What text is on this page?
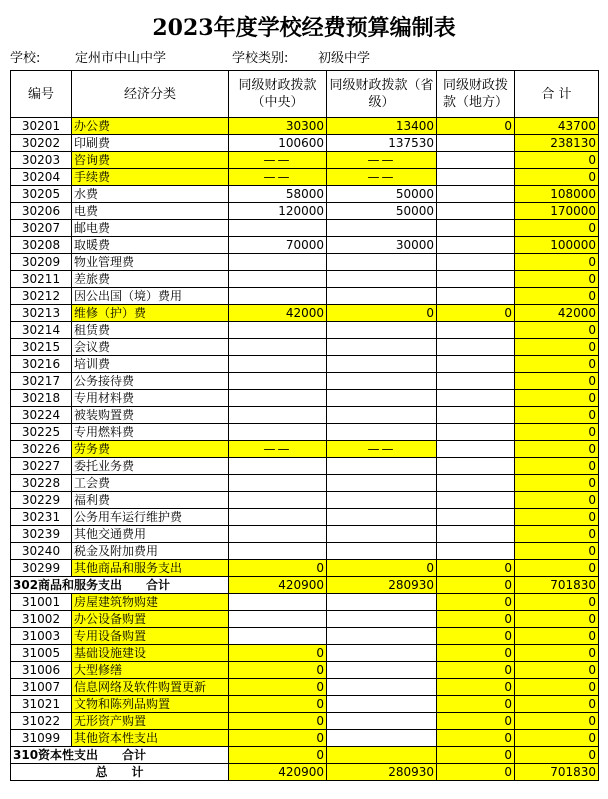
2023年度学校经费预算编制表
学校:	定州市中山中学	学校类别: 初级中学
编号	经济分类	同级财政拨款（中央）	同级财政拨款（省级）	同级财政拨款（地方）	合 计
30201	办公费	30300	13400	0	43700
30202	印刷费	100600	137530		238130
30203	咨询费	——	——		0
30204	手续费	——	——		0
30205	水费	58000	50000		108000
30206	电费	120000	50000		170000
30207	邮电费				0
30208	取暖费	70000	30000		100000
30209	物业管理费				0
30211	差旅费				0
30212	因公出国（境）费用				0
30213	维修（护）费	42000	0	0	42000
30214	租赁费				0
30215	会议费				0
30216	培训费				0
30217	公务接待费				0
30218	专用材料费				0
30224	被装购置费				0
30225	专用燃料费				0
30226	劳务费	——	——		0
30227	委托业务费				0
30228	工会费				0
30229	福利费				0
30231	公务用车运行维护费				0
30239	其他交通费用				0
30240	税金及附加费用				0
30299	其他商品和服务支出	0	0	0	0
302商品和服务支出　　合计		420900	280930	0	701830
31001	房屋建筑物购建			0	0
31002	办公设备购置			0	0
31003	专用设备购置			0	0
31005	基础设施建设	0		0	0
31006	大型修缮	0		0	0
31007	信息网络及软件购置更新	0		0	0
31021	文物和陈列品购置	0		0	0
31022	无形资产购置	0		0	0
31099	其他资本性支出	0		0	0
310资本性支出　　合计		0		0	0
总　　计		420900	280930	0	701830
